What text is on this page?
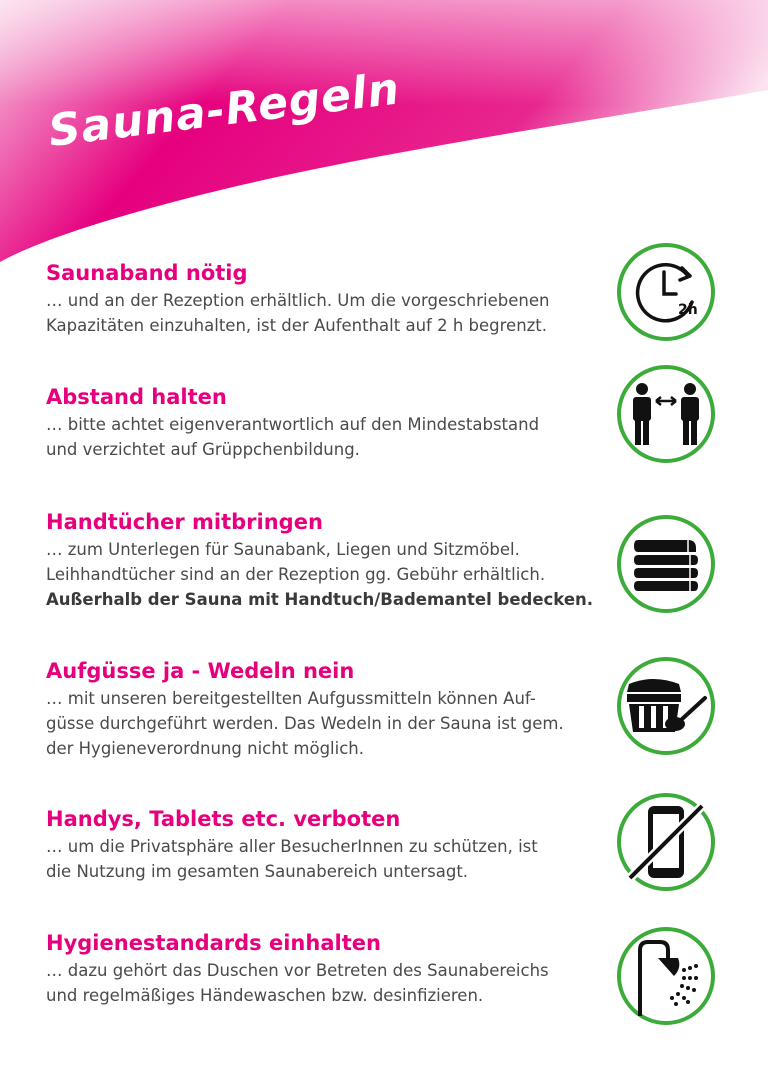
Sauna-Regeln
Saunaband nötig
… und an der Rezeption erhältlich. Um die vorgeschriebenen
Kapazitäten einzuhalten, ist der Aufenthalt auf 2 h begrenzt.
2h
Abstand halten
… bitte achtet eigenverantwortlich auf den Mindestabstand
und verzichtet auf Grüppchenbildung.
Handtücher mitbringen
… zum Unterlegen für Saunabank, Liegen und Sitzmöbel.
Leihhandtücher sind an der Rezeption gg. Gebühr erhältlich.
Außerhalb der Sauna mit Handtuch/Bademantel bedecken.
Aufgüsse ja - Wedeln nein
… mit unseren bereitgestellten Aufgussmitteln können Auf-
güsse durchgeführt werden. Das Wedeln in der Sauna ist gem.
der Hygieneverordnung nicht möglich.
Handys, Tablets etc. verboten
… um die Privatsphäre aller BesucherInnen zu schützen, ist
die Nutzung im gesamten Saunabereich untersagt.
Hygienestandards einhalten
… dazu gehört das Duschen vor Betreten des Saunabereichs
und regelmäßiges Händewaschen bzw. desinfizieren.
